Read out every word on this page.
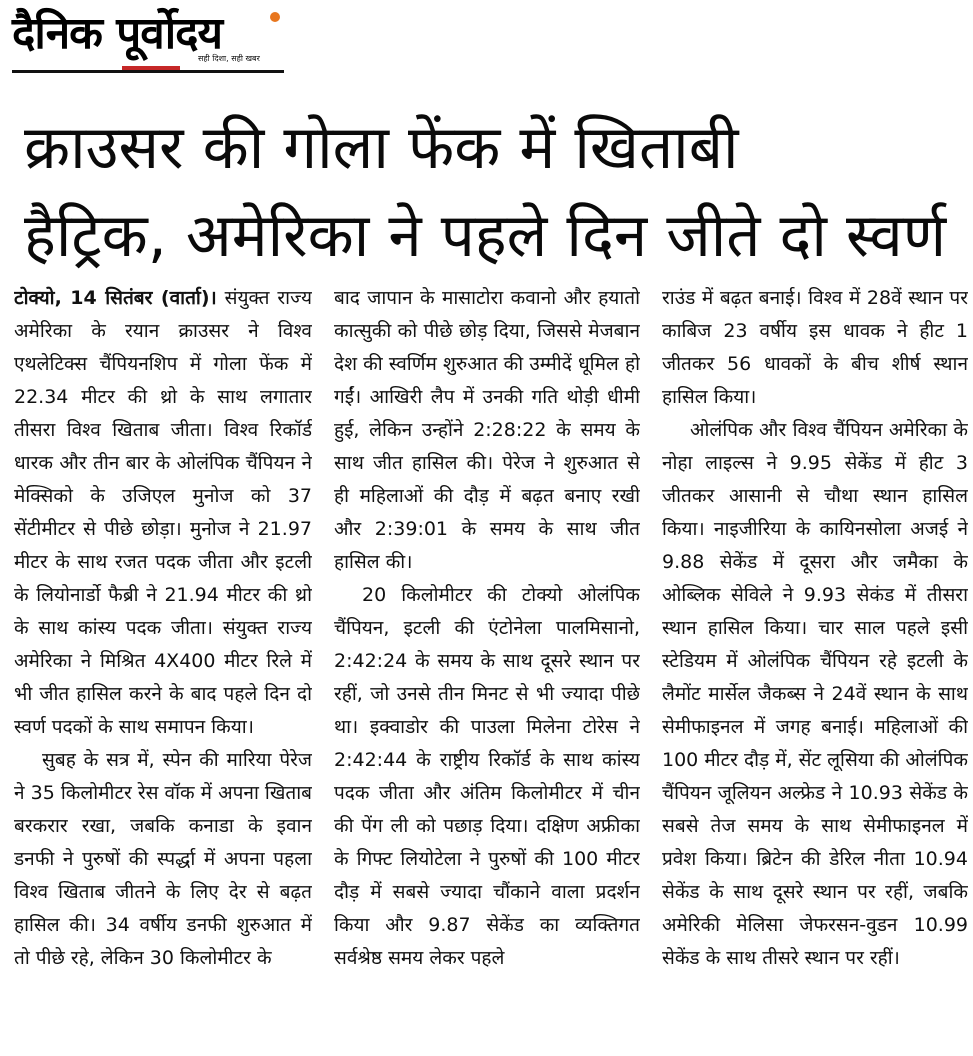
दैनिक पूर्वोदय
सही दिशा, सही खबर
क्राउसर की गोला फेंक में खिताबी
हैट्रिक, अमेरिका ने पहले दिन जीते दो स्वर्ण

टोक्यो, 14 सितंबर (वार्ता)। संयुक्त राज्य अमेरिका के रयान क्राउसर ने विश्व एथलेटिक्स चैंपियनशिप में गोला फेंक में 22.34 मीटर की थ्रो के साथ लगातार तीसरा विश्व खिताब जीता। विश्व रिकॉर्ड धारक और तीन बार के ओलंपिक चैंपियन ने मेक्सिको के उजिएल मुनोज को 37 सेंटीमीटर से पीछे छोड़ा। मुनोज ने 21.97 मीटर के साथ रजत पदक जीता और इटली के लियोनार्डो फैब्री ने 21.94 मीटर की थ्रो के साथ कांस्य पदक जीता। संयुक्त राज्य अमेरिका ने मिश्रित 4X400 मीटर रिले में भी जीत हासिल करने के बाद पहले दिन दो स्वर्ण पदकों के साथ समापन किया।

सुबह के सत्र में, स्पेन की मारिया पेरेज ने 35 किलोमीटर रेस वॉक में अपना खिताब बरकरार रखा, जबकि कनाडा के इवान डनफी ने पुरुषों की स्पर्द्धा में अपना पहला विश्व खिताब जीतने के लिए देर से बढ़त हासिल की। 34 वर्षीय डनफी शुरुआत में तो पीछे रहे, लेकिन 30 किलोमीटर के

बाद जापान के मासाटोरा कवानो और हयातो कात्सुकी को पीछे छोड़ दिया, जिससे मेजबान देश की स्वर्णिम शुरुआत की उम्मीदें धूमिल हो गईं। आखिरी लैप में उनकी गति थोड़ी धीमी हुई, लेकिन उन्होंने 2:28:22 के समय के साथ जीत हासिल की। पेरेज ने शुरुआत से ही महिलाओं की दौड़ में बढ़त बनाए रखी और 2:39:01 के समय के साथ जीत हासिल की।

20 किलोमीटर की टोक्यो ओलंपिक चैंपियन, इटली की एंटोनेला पालमिसानो, 2:42:24 के समय के साथ दूसरे स्थान पर रहीं, जो उनसे तीन मिनट से भी ज्यादा पीछे था। इक्वाडोर की पाउला मिलेना टोरेस ने 2:42:44 के राष्ट्रीय रिकॉर्ड के साथ कांस्य पदक जीता और अंतिम किलोमीटर में चीन की पेंग ली को पछाड़ दिया। दक्षिण अफ्रीका के गिफ्ट लियोटेला ने पुरुषों की 100 मीटर दौड़ में सबसे ज्यादा चौंकाने वाला प्रदर्शन किया और 9.87 सेकेंड का व्यक्तिगत सर्वश्रेष्ठ समय लेकर पहले

राउंड में बढ़त बनाई। विश्व में 28वें स्थान पर काबिज 23 वर्षीय इस धावक ने हीट 1 जीतकर 56 धावकों के बीच शीर्ष स्थान हासिल किया।

ओलंपिक और विश्व चैंपियन अमेरिका के नोहा लाइल्स ने 9.95 सेकेंड में हीट 3 जीतकर आसानी से चौथा स्थान हासिल किया। नाइजीरिया के कायिनसोला अजई ने 9.88 सेकेंड में दूसरा और जमैका के ओब्लिक सेविले ने 9.93 सेकंड में तीसरा स्थान हासिल किया। चार साल पहले इसी स्टेडियम में ओलंपिक चैंपियन रहे इटली के लैमोंट मार्सेल जैकब्स ने 24वें स्थान के साथ सेमीफाइनल में जगह बनाई। महिलाओं की 100 मीटर दौड़ में, सेंट लूसिया की ओलंपिक चैंपियन जूलियन अल्फ्रेड ने 10.93 सेकेंड के सबसे तेज समय के साथ सेमीफाइनल में प्रवेश किया। ब्रिटेन की डेरिल नीता 10.94 सेकेंड के साथ दूसरे स्थान पर रहीं, जबकि अमेरिकी मेलिसा जेफरसन-वुडन 10.99 सेकेंड के साथ तीसरे स्थान पर रहीं।
